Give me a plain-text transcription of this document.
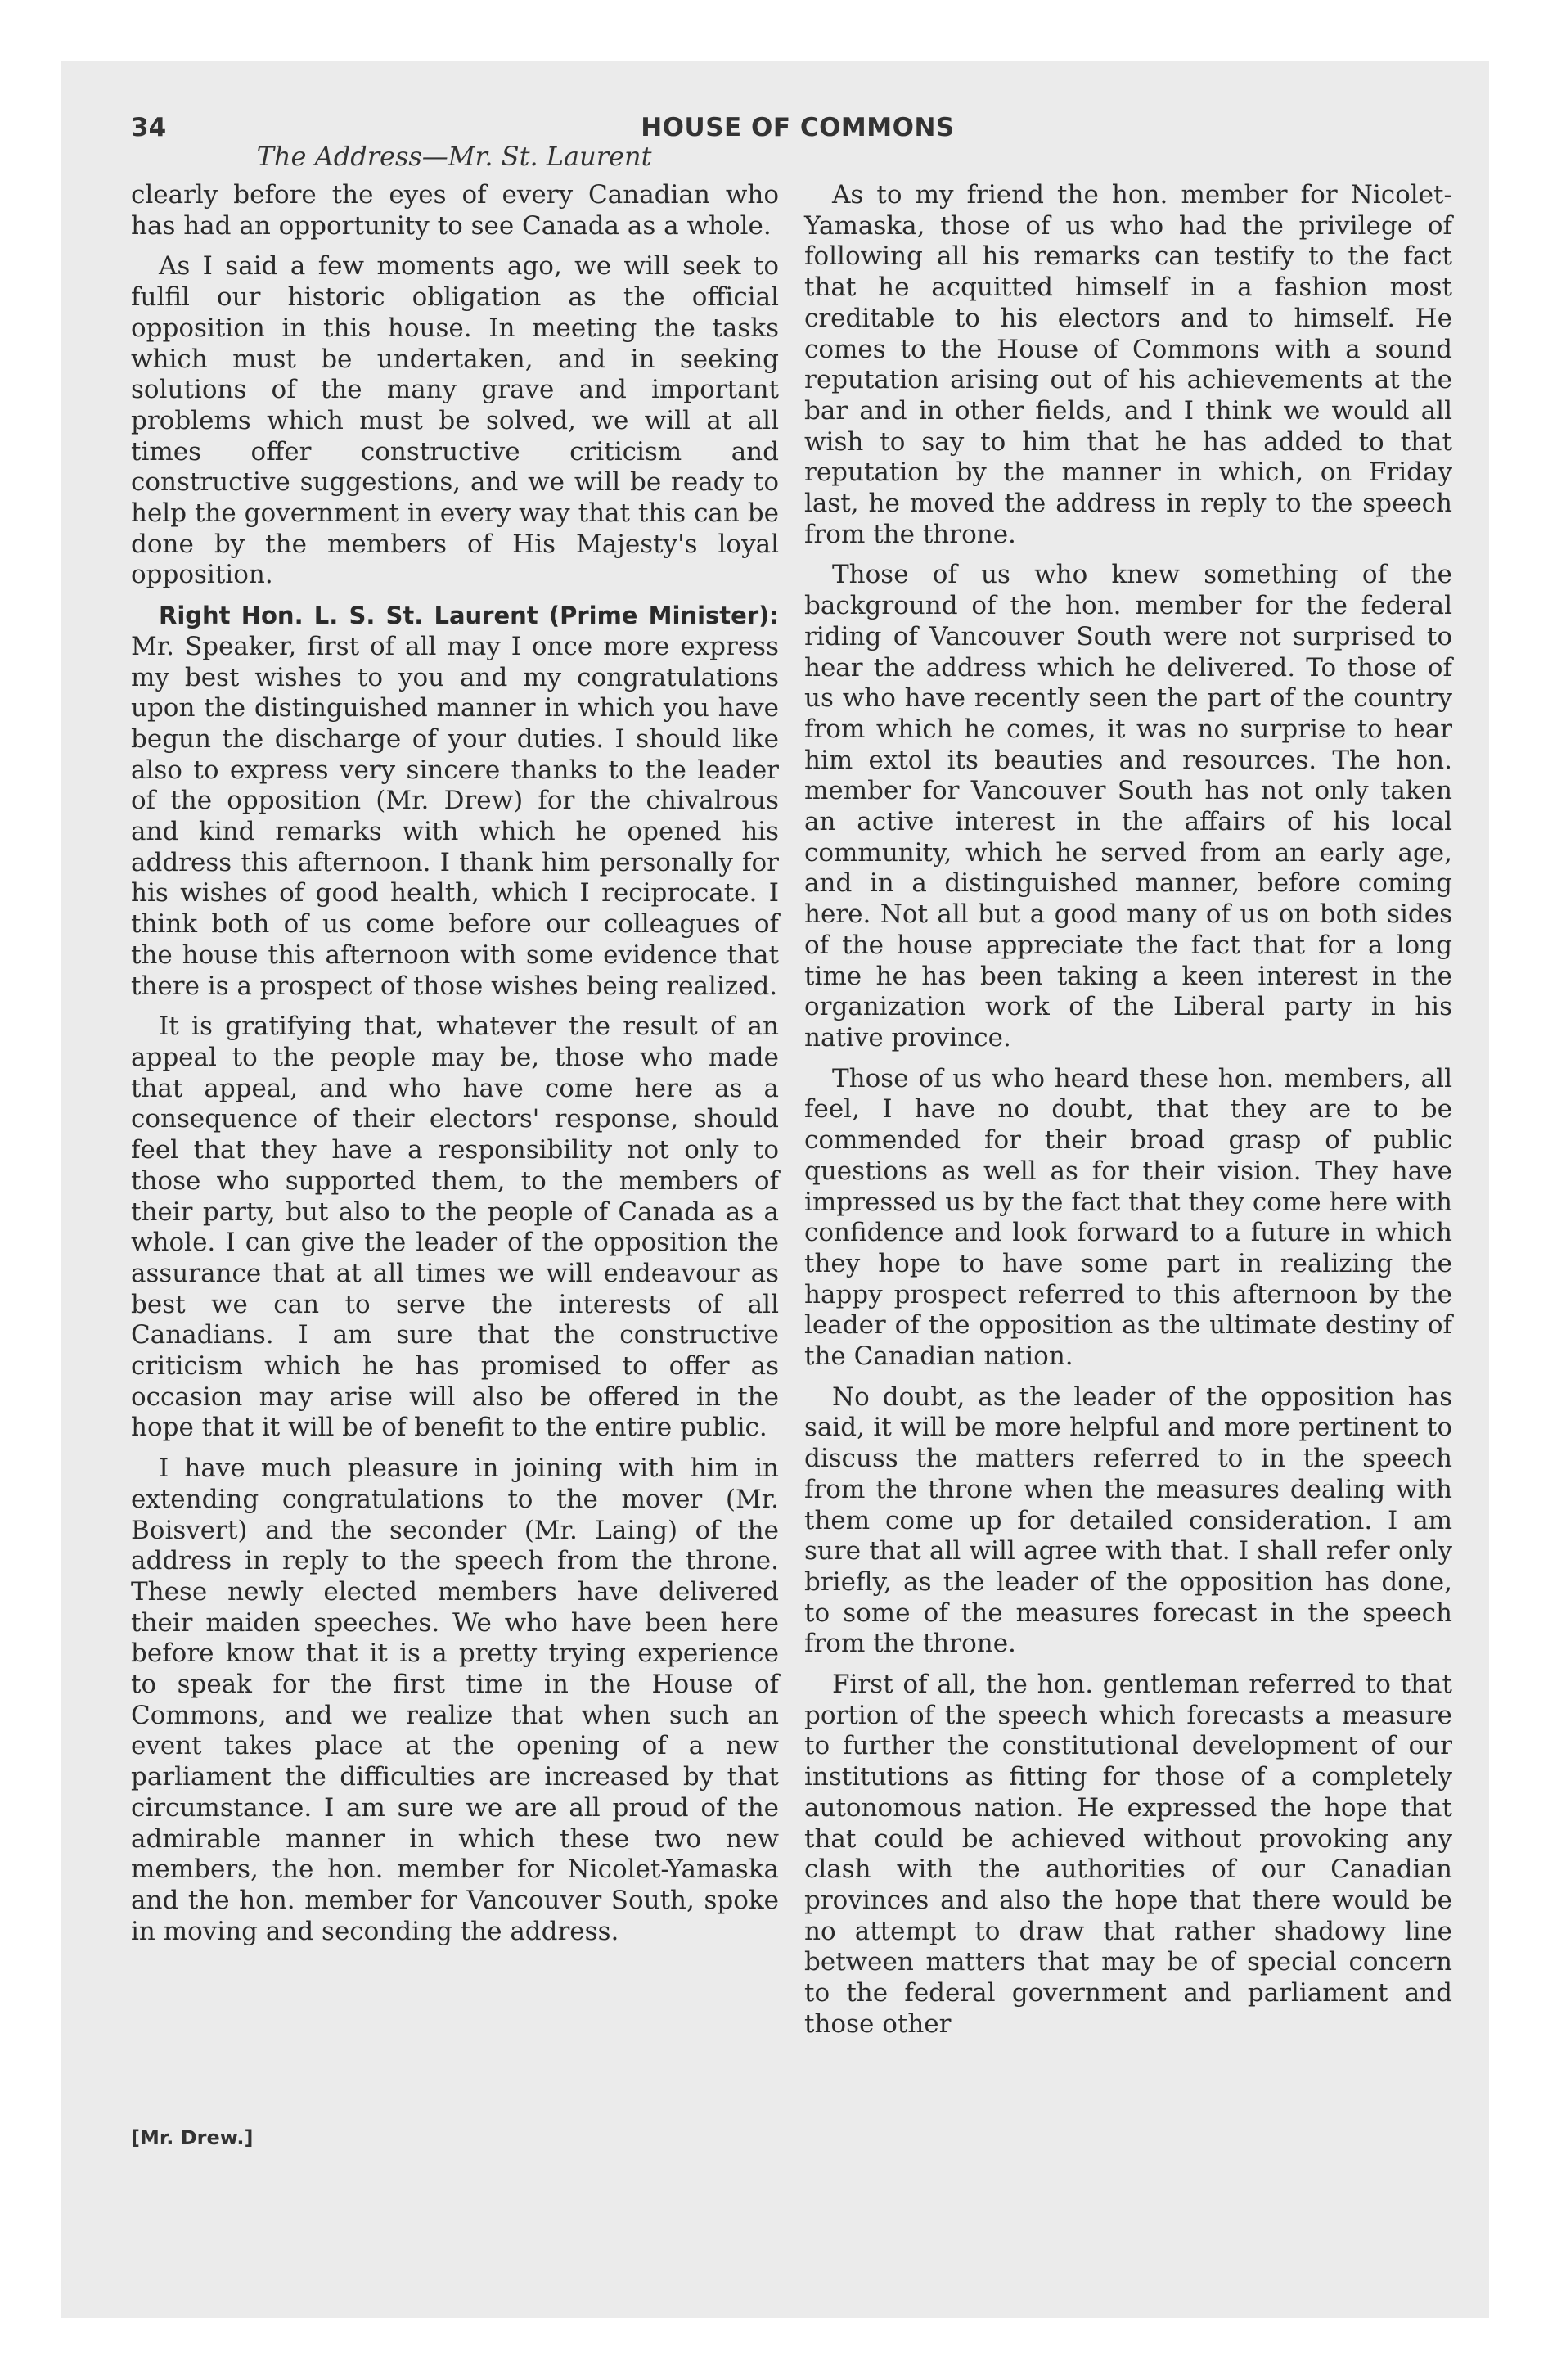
34	HOUSE OF COMMONS
The Address—Mr. St. Laurent

clearly before the eyes of every Canadian who has had an opportunity to see Canada as a whole.

As I said a few moments ago, we will seek to fulfil our historic obligation as the official opposition in this house. In meeting the tasks which must be undertaken, and in seeking solutions of the many grave and important problems which must be solved, we will at all times offer constructive criticism and constructive suggestions, and we will be ready to help the government in every way that this can be done by the members of His Majesty's loyal opposition.

Right Hon. L. S. St. Laurent (Prime Minister): Mr. Speaker, first of all may I once more express my best wishes to you and my congratulations upon the distinguished manner in which you have begun the discharge of your duties. I should like also to express very sincere thanks to the leader of the opposition (Mr. Drew) for the chivalrous and kind remarks with which he opened his address this afternoon. I thank him personally for his wishes of good health, which I reciprocate. I think both of us come before our colleagues of the house this afternoon with some evidence that there is a prospect of those wishes being realized.

It is gratifying that, whatever the result of an appeal to the people may be, those who made that appeal, and who have come here as a consequence of their electors' response, should feel that they have a responsibility not only to those who supported them, to the members of their party, but also to the people of Canada as a whole. I can give the leader of the opposition the assurance that at all times we will endeavour as best we can to serve the interests of all Canadians. I am sure that the constructive criticism which he has promised to offer as occasion may arise will also be offered in the hope that it will be of benefit to the entire public.

I have much pleasure in joining with him in extending congratulations to the mover (Mr. Boisvert) and the seconder (Mr. Laing) of the address in reply to the speech from the throne. These newly elected members have delivered their maiden speeches. We who have been here before know that it is a pretty trying experience to speak for the first time in the House of Commons, and we realize that when such an event takes place at the opening of a new parliament the difficulties are increased by that circumstance. I am sure we are all proud of the admirable manner in which these two new members, the hon. member for Nicolet-Yamaska and the hon. member for Vancouver South, spoke in moving and seconding the address.

As to my friend the hon. member for Nicolet-Yamaska, those of us who had the privilege of following all his remarks can testify to the fact that he acquitted himself in a fashion most creditable to his electors and to himself. He comes to the House of Commons with a sound reputation arising out of his achievements at the bar and in other fields, and I think we would all wish to say to him that he has added to that reputation by the manner in which, on Friday last, he moved the address in reply to the speech from the throne.

Those of us who knew something of the background of the hon. member for the federal riding of Vancouver South were not surprised to hear the address which he delivered. To those of us who have recently seen the part of the country from which he comes, it was no surprise to hear him extol its beauties and resources. The hon. member for Vancouver South has not only taken an active interest in the affairs of his local community, which he served from an early age, and in a distinguished manner, before coming here. Not all but a good many of us on both sides of the house appreciate the fact that for a long time he has been taking a keen interest in the organization work of the Liberal party in his native province.

Those of us who heard these hon. members, all feel, I have no doubt, that they are to be commended for their broad grasp of public questions as well as for their vision. They have impressed us by the fact that they come here with confidence and look forward to a future in which they hope to have some part in realizing the happy prospect referred to this afternoon by the leader of the opposition as the ultimate destiny of the Canadian nation.

No doubt, as the leader of the opposition has said, it will be more helpful and more pertinent to discuss the matters referred to in the speech from the throne when the measures dealing with them come up for detailed consideration. I am sure that all will agree with that. I shall refer only briefly, as the leader of the opposition has done, to some of the measures forecast in the speech from the throne.

First of all, the hon. gentleman referred to that portion of the speech which forecasts a measure to further the constitutional development of our institutions as fitting for those of a completely autonomous nation. He expressed the hope that that could be achieved without provoking any clash with the authorities of our Canadian provinces and also the hope that there would be no attempt to draw that rather shadowy line between matters that may be of special concern to the federal government and parliament and those other

[Mr. Drew.]
